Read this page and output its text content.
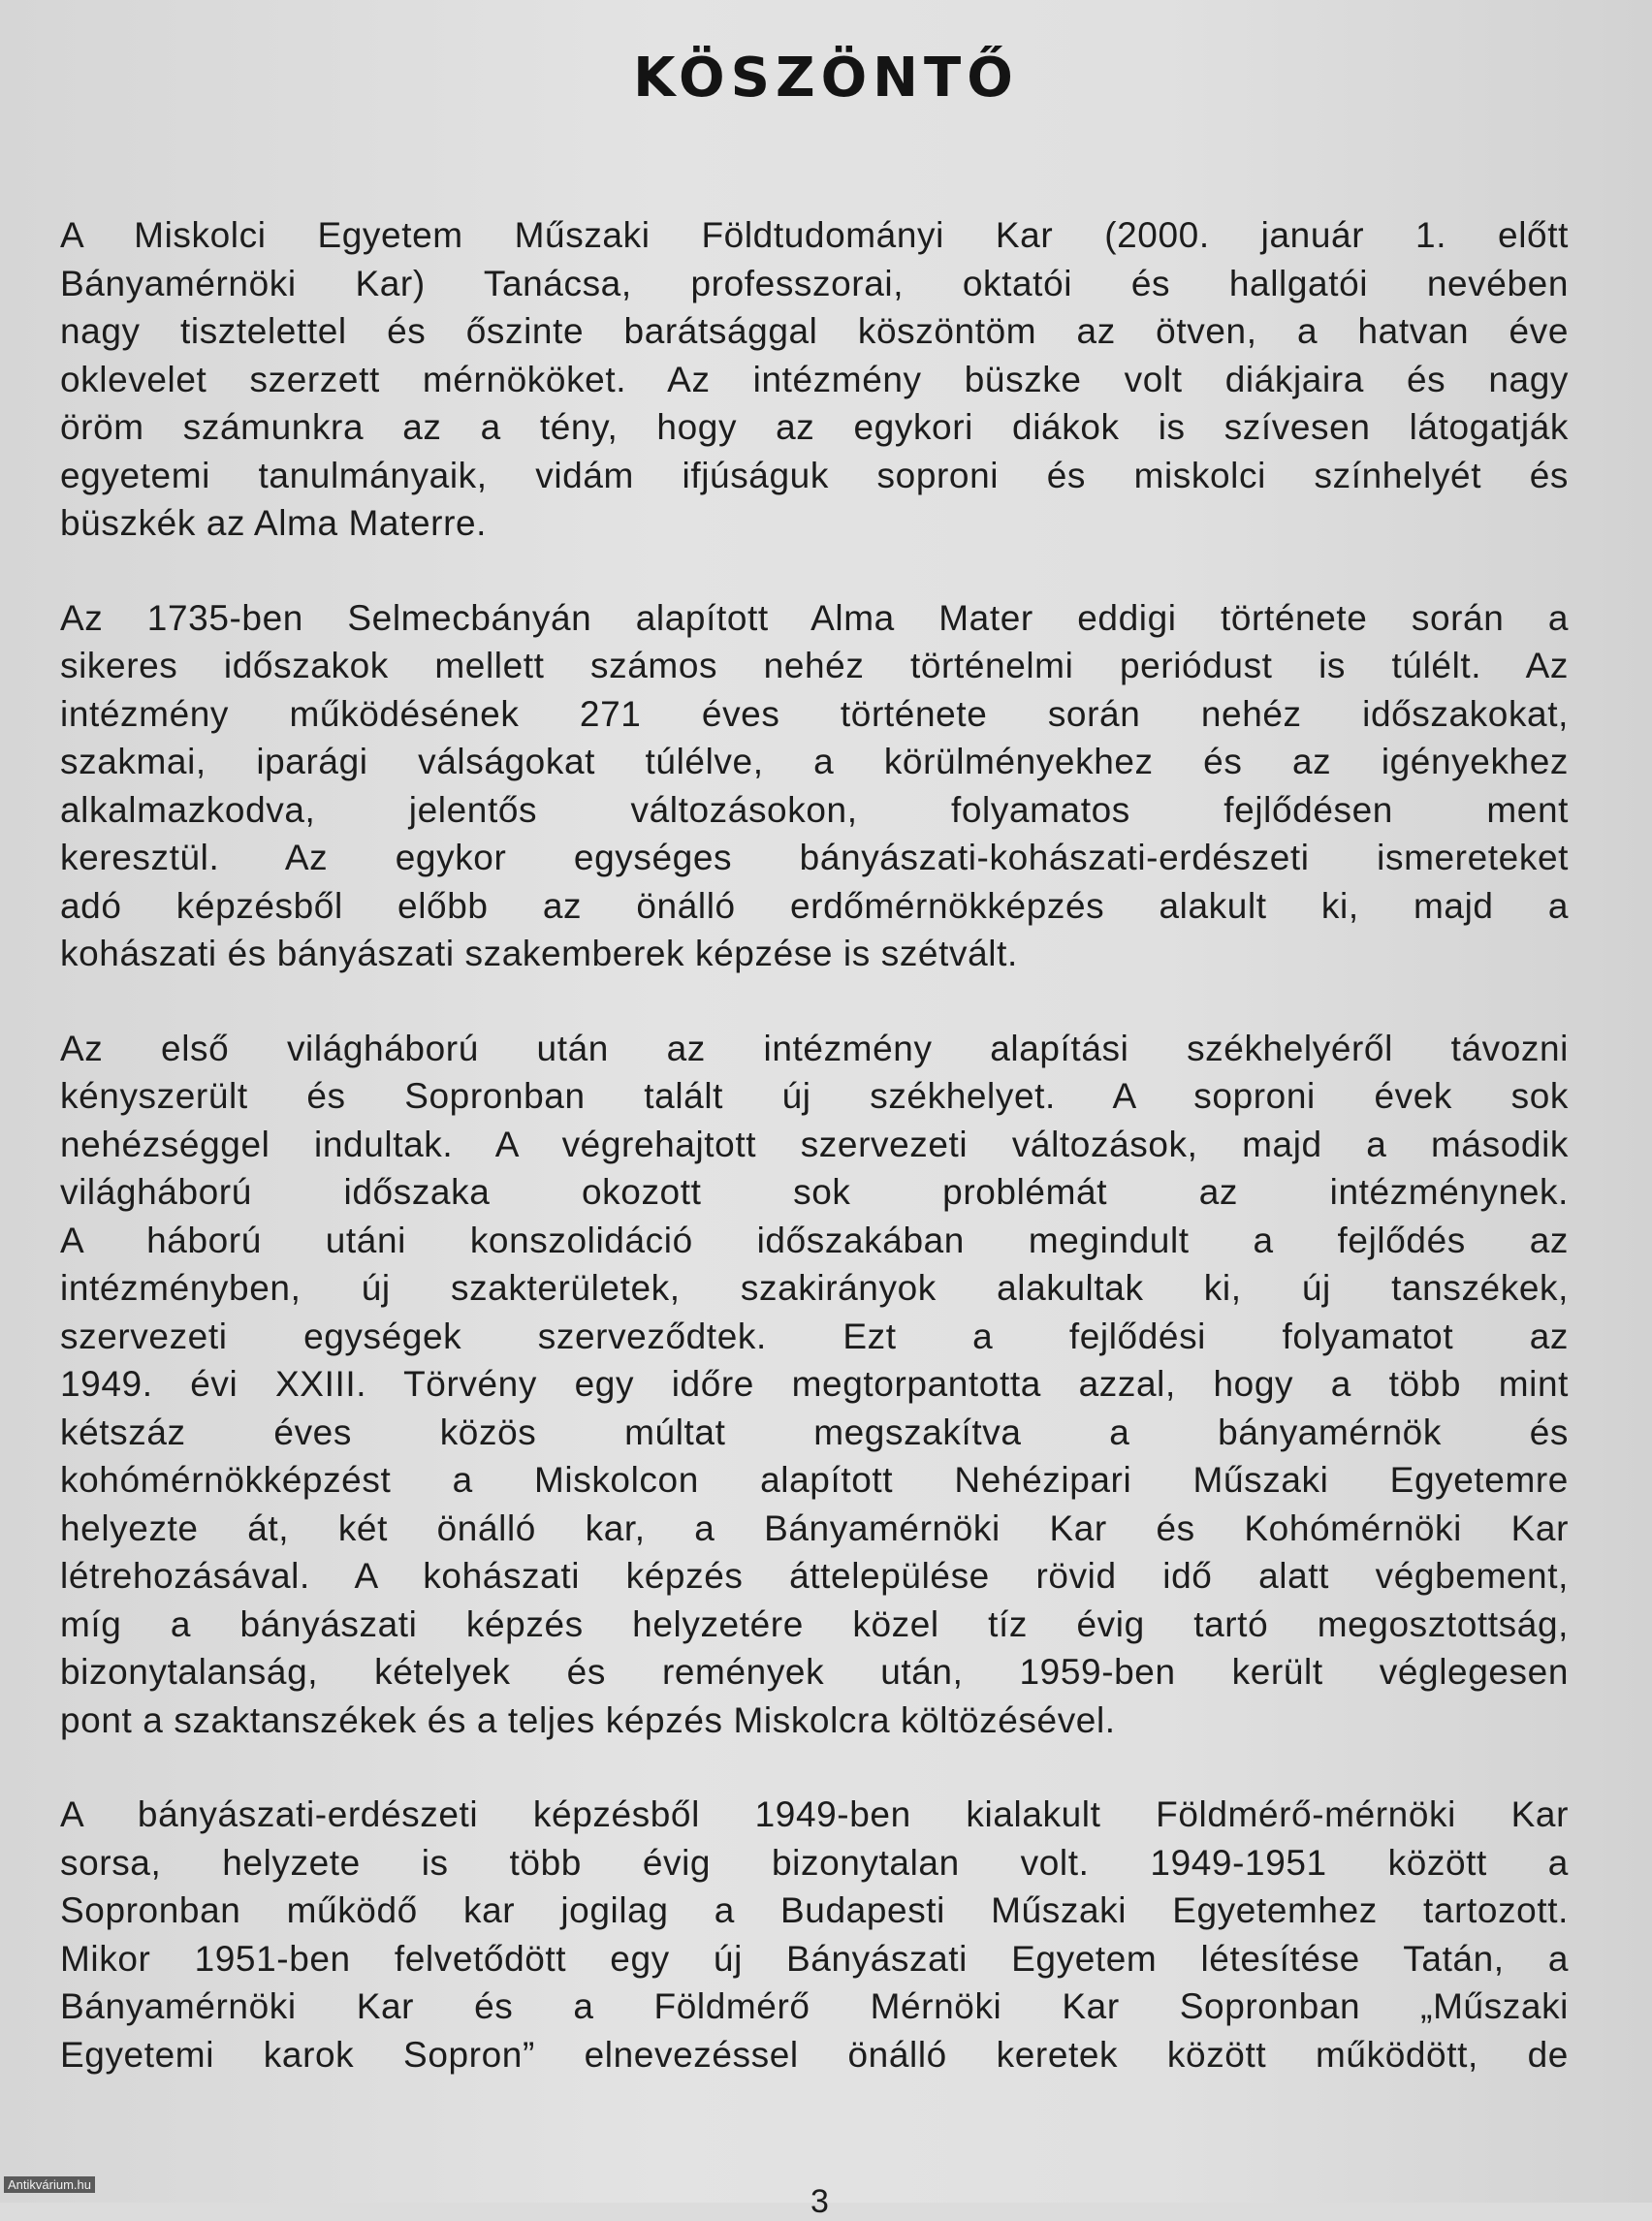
KÖSZÖNTŐ
A Miskolci Egyetem Műszaki Földtudományi Kar (2000. január 1. előtt
Bányamérnöki Kar) Tanácsa, professzorai, oktatói és hallgatói nevében
nagy tisztelettel és őszinte barátsággal köszöntöm az ötven, a hatvan éve
oklevelet szerzett mérnököket. Az intézmény büszke volt diákjaira és nagy
öröm számunkra az a tény, hogy az egykori diákok is szívesen látogatják
egyetemi tanulmányaik, vidám ifjúságuk soproni és miskolci színhelyét és
büszkék az Alma Materre.
Az 1735-ben Selmecbányán alapított Alma Mater eddigi története során a
sikeres időszakok mellett számos nehéz történelmi periódust is túlélt. Az
intézmény működésének 271 éves története során nehéz időszakokat,
szakmai, iparági válságokat túlélve, a körülményekhez és az igényekhez
alkalmazkodva, jelentős változásokon, folyamatos fejlődésen ment
keresztül. Az egykor egységes bányászati-kohászati-erdészeti ismereteket
adó képzésből előbb az önálló erdőmérnökképzés alakult ki, majd a
kohászati és bányászati szakemberek képzése is szétvált.
Az első világháború után az intézmény alapítási székhelyéről távozni
kényszerült és Sopronban talált új székhelyet. A soproni évek sok
nehézséggel indultak. A végrehajtott szervezeti változások, majd a második
világháború időszaka okozott sok problémát az intézménynek.
A háború utáni konszolidáció időszakában megindult a fejlődés az
intézményben, új szakterületek, szakirányok alakultak ki, új tanszékek,
szervezeti egységek szerveződtek. Ezt a fejlődési folyamatot az
1949. évi XXIII. Törvény egy időre megtorpantotta azzal, hogy a több mint
kétszáz éves közös múltat megszakítva a bányamérnök és
kohómérnökképzést a Miskolcon alapított Nehézipari Műszaki Egyetemre
helyezte át, két önálló kar, a Bányamérnöki Kar és Kohómérnöki Kar
létrehozásával. A kohászati képzés áttelepülése rövid idő alatt végbement,
míg a bányászati képzés helyzetére közel tíz évig tartó megosztottság,
bizonytalanság, kételyek és remények után, 1959-ben került véglegesen
pont a szaktanszékek és a teljes képzés Miskolcra költözésével.
A bányászati-erdészeti képzésből 1949-ben kialakult Földmérő-mérnöki Kar
sorsa, helyzete is több évig bizonytalan volt. 1949-1951 között a
Sopronban működő kar jogilag a Budapesti Műszaki Egyetemhez tartozott.
Mikor 1951-ben felvetődött egy új Bányászati Egyetem létesítése Tatán, a
Bányamérnöki Kar és a Földmérő Mérnöki Kar Sopronban „Műszaki
Egyetemi karok Sopron” elnevezéssel önálló keretek között működött, de
Antikvárium.hu	3
